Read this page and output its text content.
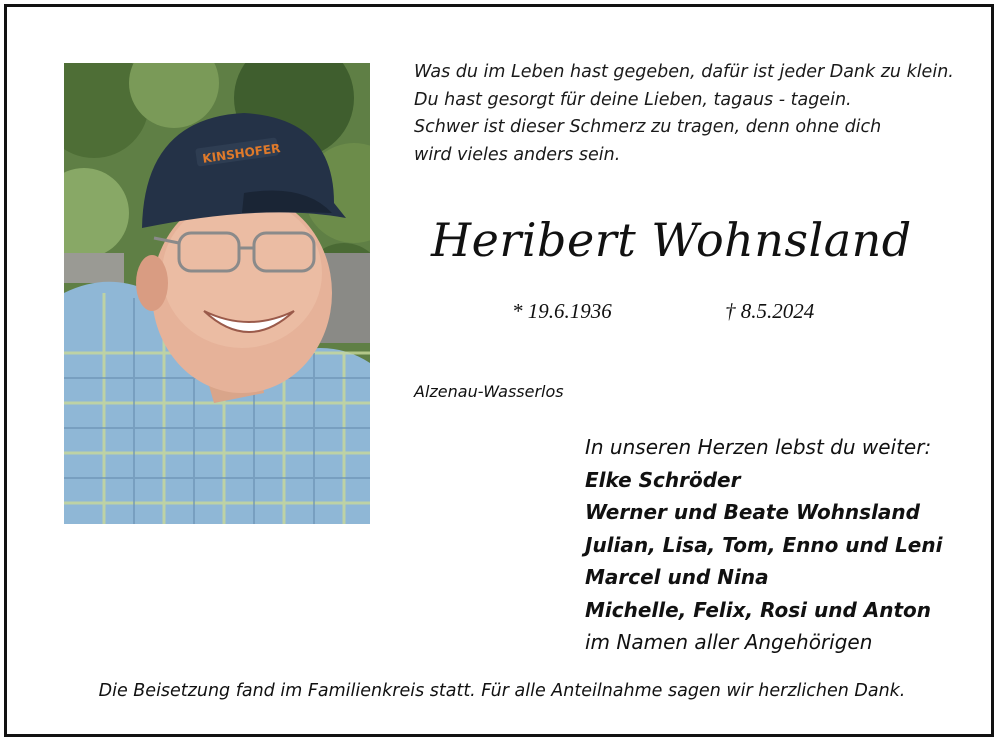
KINSHOFER
Was du im Leben hast gegeben, dafür ist jeder Dank zu klein.
Du hast gesorgt für deine Lieben, tagaus - tagein.
Schwer ist dieser Schmerz zu tragen, denn ohne dich
wird vieles anders sein.
Heribert Wohnsland
* 19.6.1936	† 8.5.2024
Alzenau-Wasserlos
In unseren Herzen lebst du weiter:
Elke Schröder
Werner und Beate Wohnsland
Julian, Lisa, Tom, Enno und Leni
Marcel und Nina
Michelle, Felix, Rosi und Anton
im Namen aller Angehörigen
Die Beisetzung fand im Familienkreis statt. Für alle Anteilnahme sagen wir herzlichen Dank.
